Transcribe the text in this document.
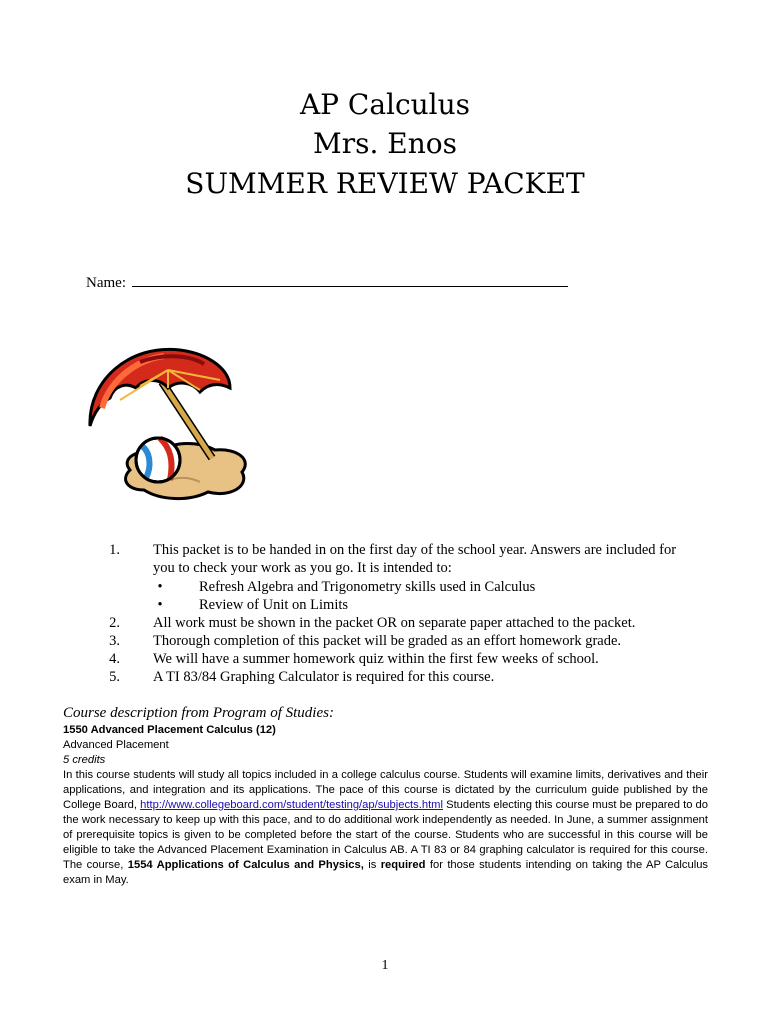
AP Calculus
Mrs. Enos
SUMMER REVIEW PACKET
Name:
1. This packet is to be handed in on the first day of the school year. Answers are included for
you to check your work as you go. It is intended to:
•	Refresh Algebra and Trigonometry skills used in Calculus
•	Review of Unit on Limits
2. All work must be shown in the packet OR on separate paper attached to the packet.
3. Thorough completion of this packet will be graded as an effort homework grade.
4. We will have a summer homework quiz within the first few weeks of school.
5. A TI 83/84 Graphing Calculator is required for this course.
Course description from Program of Studies:
1550 Advanced Placement Calculus (12)
Advanced Placement
5 credits
In this course students will study all topics included in a college calculus course. Students will examine limits, derivatives and their applications, and integration and its applications. The pace of this course is dictated by the curriculum guide published by the College Board, http://www.collegeboard.com/student/testing/ap/subjects.html Students electing this course must be prepared to do the work necessary to keep up with this pace, and to do additional work independently as needed. In June, a summer assignment of prerequisite topics is given to be completed before the start of the course. Students who are successful in this course will be eligible to take the Advanced Placement Examination in Calculus AB. A TI 83 or 84 graphing calculator is required for this course. The course, 1554 Applications of Calculus and Physics, is required for those students intending on taking the AP Calculus exam in May.
1
